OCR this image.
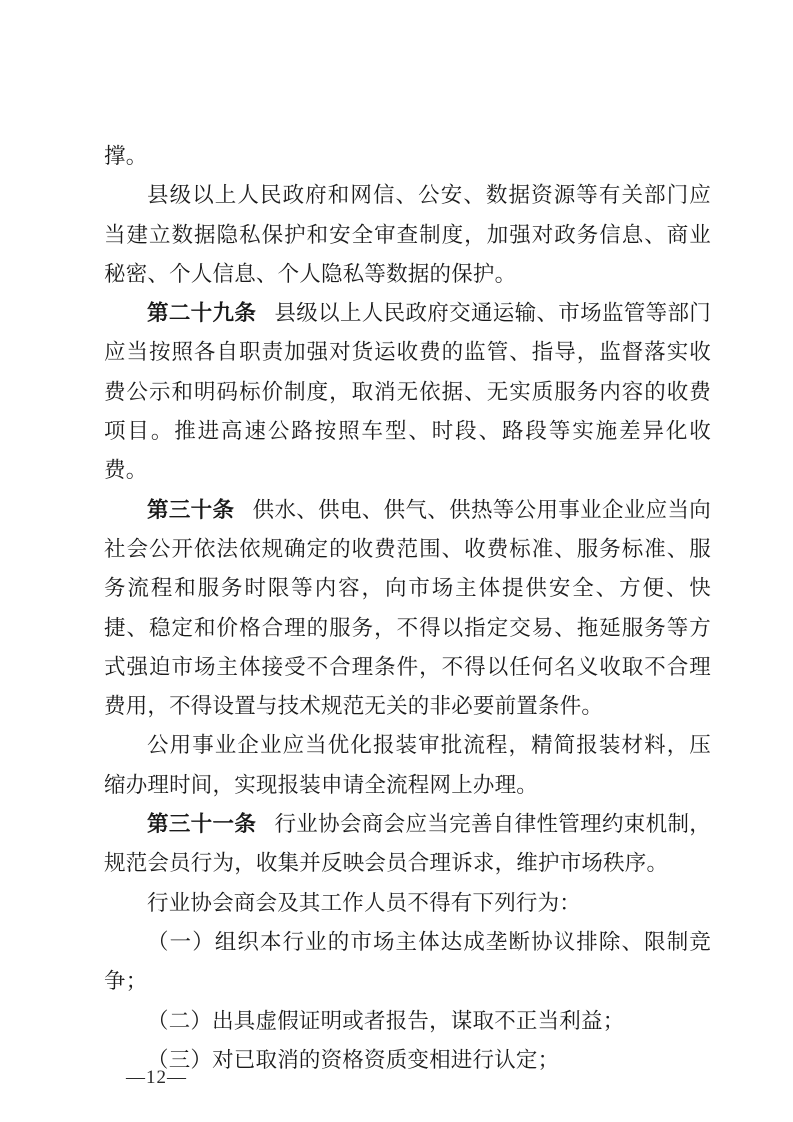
撑。

县级以上人民政府和网信、公安、数据资源等有关部门应当建立数据隐私保护和安全审查制度，加强对政务信息、商业秘密、个人信息、个人隐私等数据的保护。

第二十九条 县级以上人民政府交通运输、市场监管等部门应当按照各自职责加强对货运收费的监管、指导，监督落实收费公示和明码标价制度，取消无依据、无实质服务内容的收费项目。推进高速公路按照车型、时段、路段等实施差异化收费。

第三十条 供水、供电、供气、供热等公用事业企业应当向社会公开依法依规确定的收费范围、收费标准、服务标准、服务流程和服务时限等内容，向市场主体提供安全、方便、快捷、稳定和价格合理的服务，不得以指定交易、拖延服务等方式强迫市场主体接受不合理条件，不得以任何名义收取不合理费用，不得设置与技术规范无关的非必要前置条件。

公用事业企业应当优化报装审批流程，精简报装材料，压缩办理时间，实现报装申请全流程网上办理。

第三十一条 行业协会商会应当完善自律性管理约束机制，规范会员行为，收集并反映会员合理诉求，维护市场秩序。

行业协会商会及其工作人员不得有下列行为：

（一）组织本行业的市场主体达成垄断协议排除、限制竞争；

（二）出具虚假证明或者报告，谋取不正当利益；

（三）对已取消的资格资质变相进行认定；

—12—
